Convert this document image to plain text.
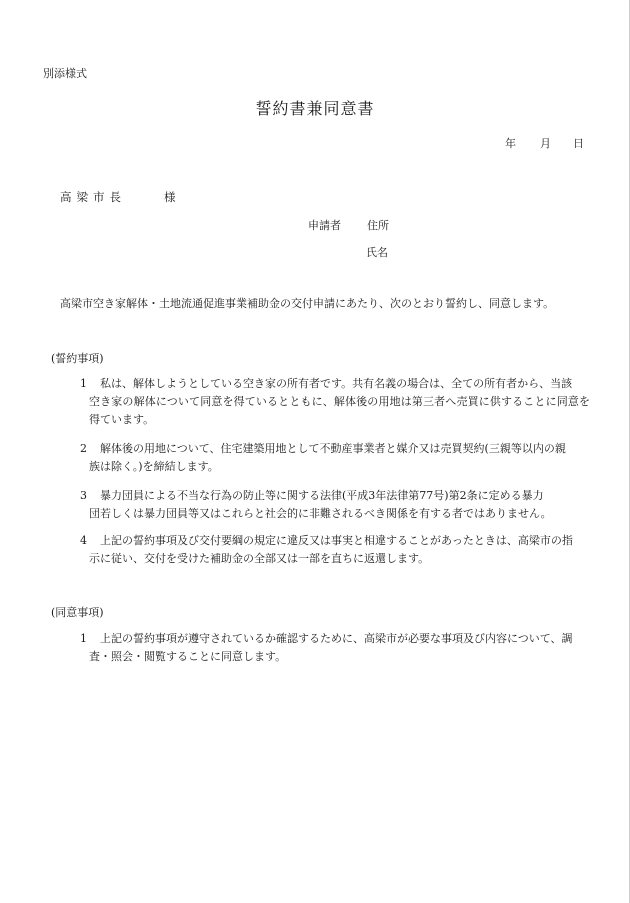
別添様式
誓約書兼同意書
年 月 日
高梁市長	様
申請者 住所
氏名
高梁市空き家解体・土地流通促進事業補助金の交付申請にあたり、次のとおり誓約し、同意します。
(誓約事項)
1 私は、解体しようとしている空き家の所有者です。共有名義の場合は、全ての所有者から、当該
空き家の解体について同意を得ているとともに、解体後の用地は第三者へ売買に供することに同意を得ています。
2 解体後の用地について、住宅建築用地として不動産事業者と媒介又は売買契約(三親等以内の親
族は除く。)を締結します。
3 暴力団員による不当な行為の防止等に関する法律(平成3年法律第77号)第2条に定める暴力
団若しくは暴力団員等又はこれらと社会的に非難されるべき関係を有する者ではありません。
4 上記の誓約事項及び交付要綱の規定に違反又は事実と相違することがあったときは、高梁市の指
示に従い、交付を受けた補助金の全部又は一部を直ちに返還します。
(同意事項)
1 上記の誓約事項が遵守されているか確認するために、高梁市が必要な事項及び内容について、調
査・照会・閲覧することに同意します。
